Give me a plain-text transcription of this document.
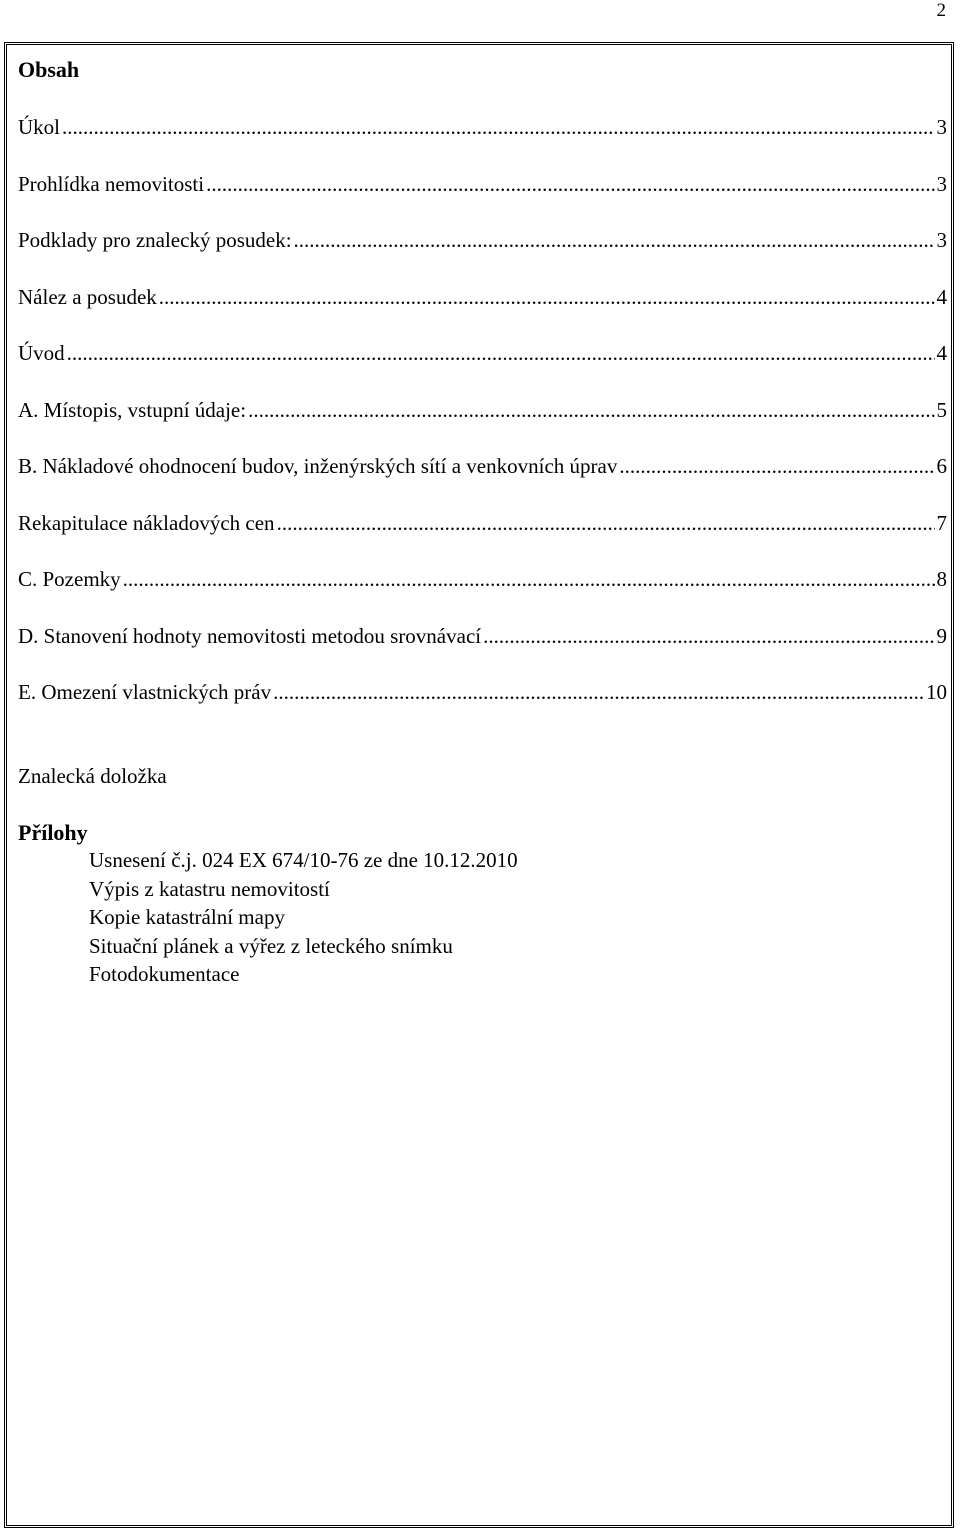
2
Obsah
Úkol .....	3
Prohlídka nemovitosti .....	3
Podklady pro znalecký posudek: .....	3
Nález a posudek .....	4
Úvod .....	4
A. Místopis, vstupní údaje: .....	5
B. Nákladové ohodnocení budov, inženýrských sítí a venkovních úprav .....	6
Rekapitulace nákladových cen .....	7
C. Pozemky .....	8
D. Stanovení hodnoty nemovitosti metodou srovnávací .....	9
E. Omezení vlastnických práv .....	10
Znalecká doložka
Přílohy
Usnesení č.j. 024 EX 674/10-76 ze dne 10.12.2010
Výpis z katastru nemovitostí
Kopie katastrální mapy
Situační plánek a výřez z leteckého snímku
Fotodokumentace
